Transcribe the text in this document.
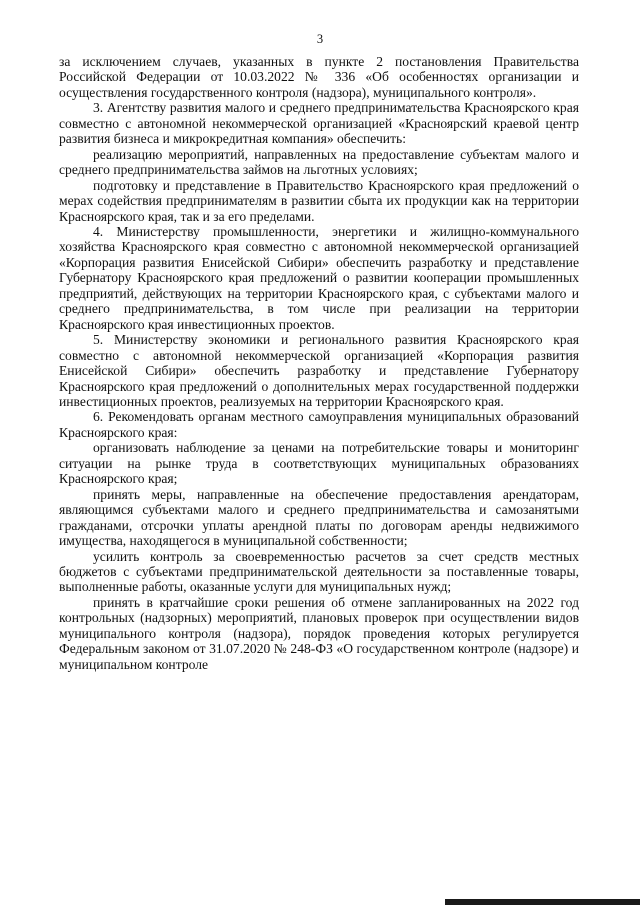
3

за исключением случаев, указанных в пункте 2 постановления Правительства Российской Федерации от 10.03.2022 № 336 «Об особенностях организации и осуществления государственного контроля (надзора), муниципального контроля».

3. Агентству развития малого и среднего предпринимательства Красноярского края совместно с автономной некоммерческой организацией «Красноярский краевой центр развития бизнеса и микрокредитная компания» обеспечить:

реализацию мероприятий, направленных на предоставление субъектам малого и среднего предпринимательства займов на льготных условиях;

подготовку и представление в Правительство Красноярского края предложений о мерах содействия предпринимателям в развитии сбыта их продукции как на территории Красноярского края, так и за его пределами.

4. Министерству промышленности, энергетики и жилищно-коммунального хозяйства Красноярского края совместно с автономной некоммерческой организацией «Корпорация развития Енисейской Сибири» обеспечить разработку и представление Губернатору Красноярского края предложений о развитии кооперации промышленных предприятий, действующих на территории Красноярского края, с субъектами малого и среднего предпринимательства, в том числе при реализации на территории Красноярского края инвестиционных проектов.

5. Министерству экономики и регионального развития Красноярского края совместно с автономной некоммерческой организацией «Корпорация развития Енисейской Сибири» обеспечить разработку и представление Губернатору Красноярского края предложений о дополнительных мерах государственной поддержки инвестиционных проектов, реализуемых на территории Красноярского края.

6. Рекомендовать органам местного самоуправления муниципальных образований Красноярского края:

организовать наблюдение за ценами на потребительские товары и мониторинг ситуации на рынке труда в соответствующих муниципальных образованиях Красноярского края;

принять меры, направленные на обеспечение предоставления арендаторам, являющимся субъектами малого и среднего предпринимательства и самозанятыми гражданами, отсрочки уплаты арендной платы по договорам аренды недвижимого имущества, находящегося в муниципальной собственности;

усилить контроль за своевременностью расчетов за счет средств местных бюджетов с субъектами предпринимательской деятельности за поставленные товары, выполненные работы, оказанные услуги для муниципальных нужд;

принять в кратчайшие сроки решения об отмене запланированных на 2022 год контрольных (надзорных) мероприятий, плановых проверок при осуществлении видов муниципального контроля (надзора), порядок проведения которых регулируется Федеральным законом от 31.07.2020 № 248-ФЗ «О государственном контроле (надзоре) и муниципальном контроле
